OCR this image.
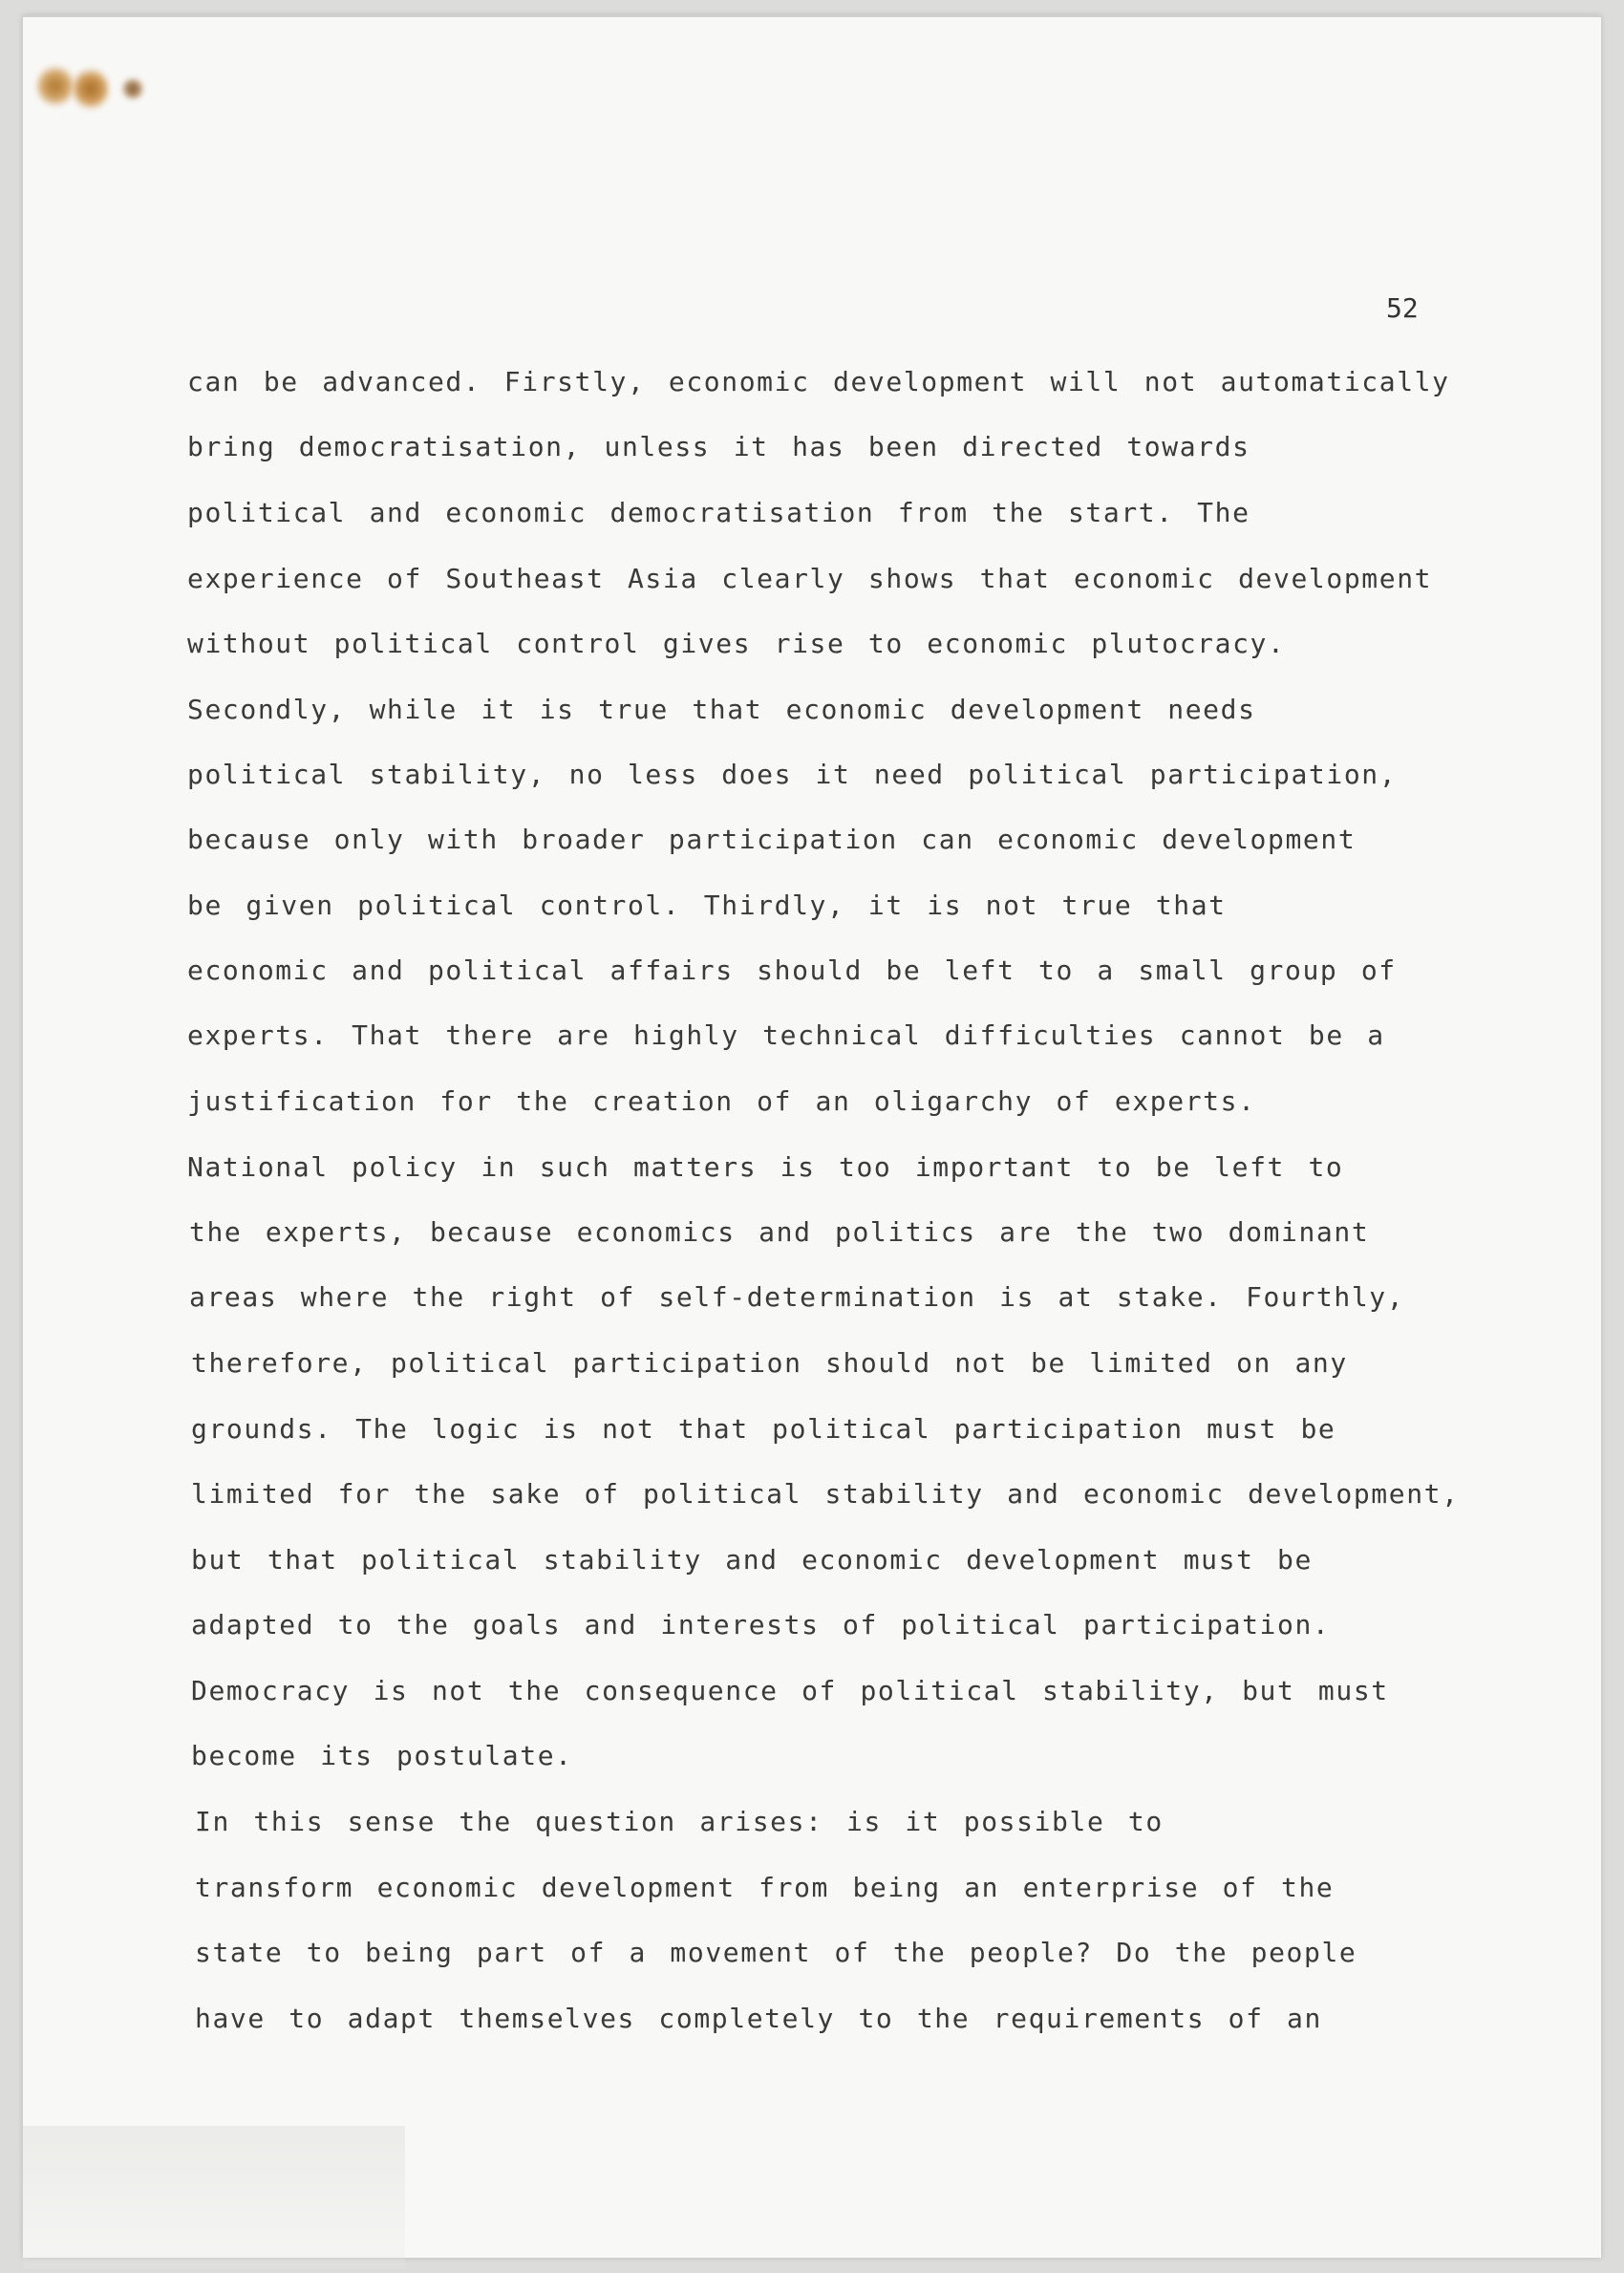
52

can be advanced. Firstly, economic development will not automatically

bring democratisation, unless it has been directed towards

political and economic democratisation from the start. The

experience of Southeast Asia clearly shows that economic development

without political control gives rise to economic plutocracy.

Secondly, while it is true that economic development needs

political stability, no less does it need political participation,

because only with broader participation can economic development

be given political control. Thirdly, it is not true that

economic and political affairs should be left to a small group of

experts. That there are highly technical difficulties cannot be a

justification for the creation of an oligarchy of experts.

National policy in such matters is too important to be left to

the experts, because economics and politics are the two dominant

areas where the right of self-determination is at stake. Fourthly,

therefore, political participation should not be limited on any

grounds. The logic is not that political participation must be

limited for the sake of political stability and economic development,

but that political stability and economic development must be

adapted to the goals and interests of political participation.

Democracy is not the consequence of political stability, but must

become its postulate.

In this sense the question arises: is it possible to

transform economic development from being an enterprise of the

state to being part of a movement of the people? Do the people

have to adapt themselves completely to the requirements of an
